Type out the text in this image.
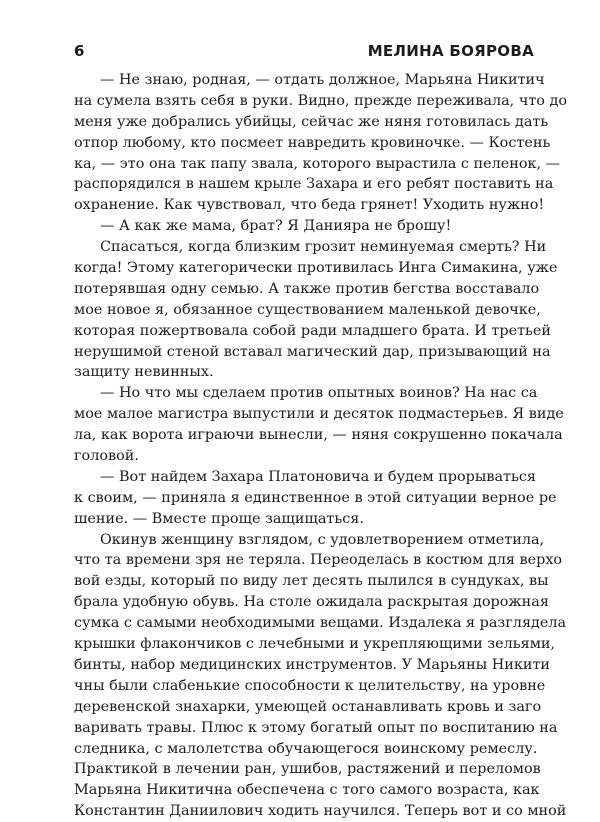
6	МЕЛИНА БОЯРОВА
— Не знаю, родная, — отдать должное, Марьяна Никитич
на сумела взять себя в руки. Видно, прежде переживала, что до
меня уже добрались убийцы, сейчас же няня готовилась дать
отпор любому, кто посмеет навредить кровиночке. — Костень
ка, — это она так папу звала, которого вырастила с пеленок, —
распорядился в нашем крыле Захара и его ребят поставить на
охранение. Как чувствовал, что беда грянет! Уходить нужно!
— А как же мама, брат? Я Данияра не брошу!
Спасаться, когда близким грозит неминуемая смерть? Ни
когда! Этому категорически противилась Инга Симакина, уже
потерявшая одну семью. А также против бегства восставало
мое новое я, обязанное существованием маленькой девочке,
которая пожертвовала собой ради младшего брата. И третьей
нерушимой стеной вставал магический дар, призывающий на
защиту невинных.
— Но что мы сделаем против опытных воинов? На нас са
мое малое магистра выпустили и десяток подмастерьев. Я виде
ла, как ворота играючи вынесли, — няня сокрушенно покачала
головой.
— Вот найдем Захара Платоновича и будем прорываться
к своим, — приняла я единственное в этой ситуации верное ре
шение. — Вместе проще защищаться.
Окинув женщину взглядом, с удовлетворением отметила,
что та времени зря не теряла. Переоделась в костюм для верхо
вой езды, который по виду лет десять пылился в сундуках, вы
брала удобную обувь. На столе ожидала раскрытая дорожная
сумка с самыми необходимыми вещами. Издалека я разглядела
крышки флакончиков с лечебными и укрепляющими зельями,
бинты, набор медицинских инструментов. У Марьяны Никити
чны были слабенькие способности к целительству, на уровне
деревенской знахарки, умеющей останавливать кровь и заго
варивать травы. Плюс к этому богатый опыт по воспитанию на
следника, с малолетства обучающегося воинскому ремеслу.
Практикой в лечении ран, ушибов, растяжений и переломов
Марьяна Никитична обеспечена с того самого возраста, как
Константин Даниилович ходить научился. Теперь вот и со мной
